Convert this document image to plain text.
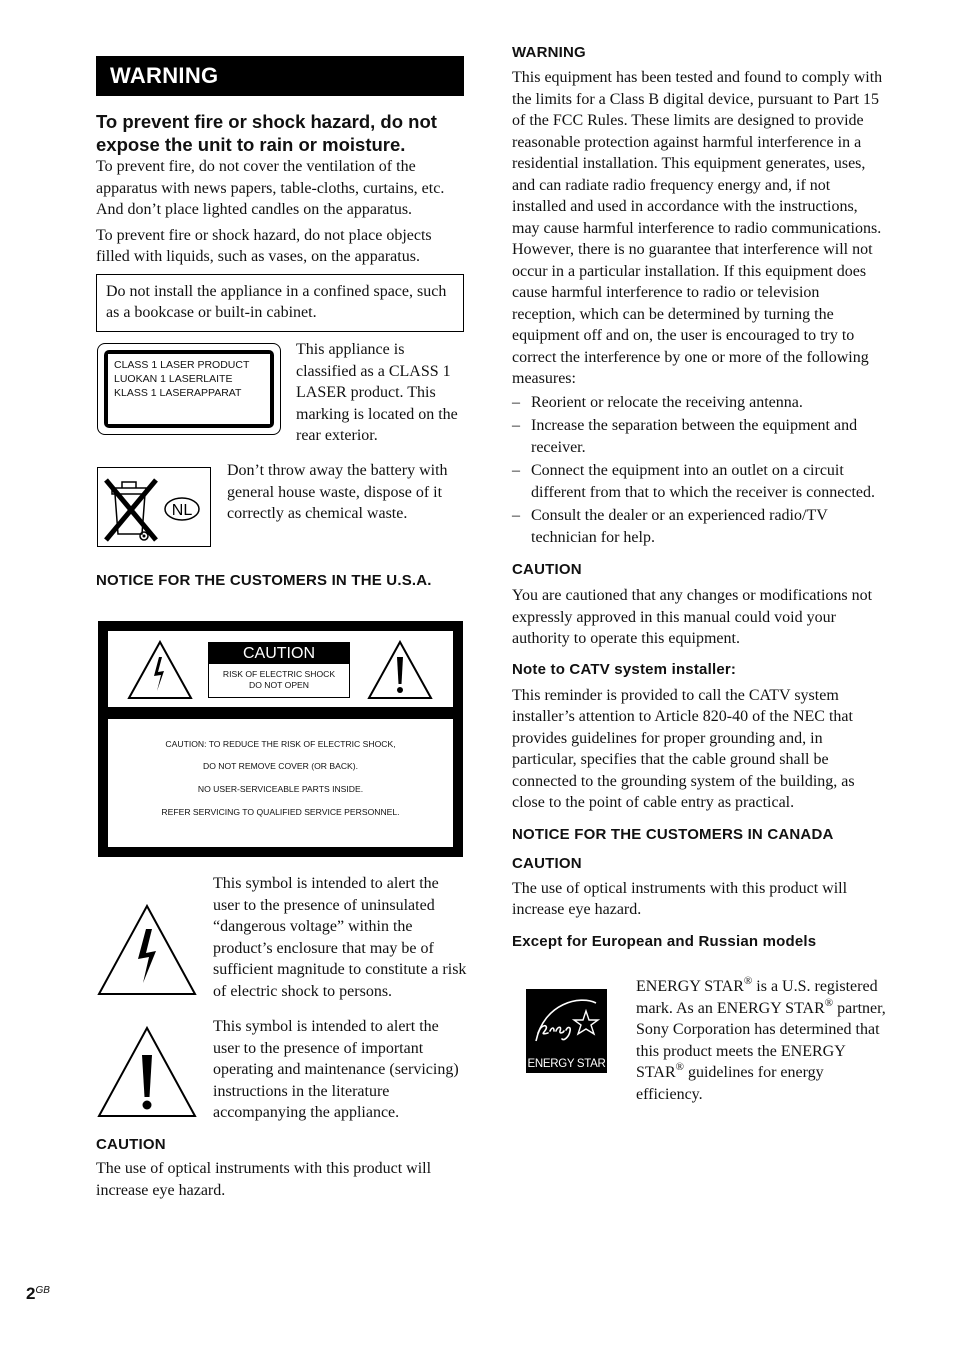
WARNING
To prevent fire or shock hazard, do not expose the unit to rain or moisture.

To prevent fire, do not cover the ventilation of the apparatus with news papers, table-cloths, curtains, etc. And don’t place lighted candles on the apparatus.

To prevent fire or shock hazard, do not place objects filled with liquids, such as vases, on the apparatus.

Do not install the appliance in a confined space, such as a bookcase or built-in cabinet.
CLASS 1 LASER PRODUCT
LUOKAN 1 LASERLAITE
KLASS 1 LASERAPPARAT
This appliance is classified as a CLASS 1 LASER product. This marking is located on the rear exterior.
NL
Don’t throw away the battery with general house waste, dispose of it correctly as chemical waste.
NOTICE FOR THE CUSTOMERS IN THE U.S.A.
CAUTION
RISK OF ELECTRIC SHOCK
DO NOT OPEN
CAUTION: TO REDUCE THE RISK OF ELECTRIC SHOCK,
DO NOT REMOVE COVER (OR BACK).
NO USER-SERVICEABLE PARTS INSIDE.
REFER SERVICING TO QUALIFIED SERVICE PERSONNEL.
This symbol is intended to alert the user to the presence of uninsulated “dangerous voltage” within the product’s enclosure that may be of sufficient magnitude to constitute a risk of electric shock to persons.
This symbol is intended to alert the user to the presence of important operating and maintenance (servicing) instructions in the literature accompanying the appliance.
CAUTION
The use of optical instruments with this product will increase eye hazard.
WARNING

This equipment has been tested and found to comply with the limits for a Class B digital device, pursuant to Part 15 of the FCC Rules. These limits are designed to provide reasonable protection against harmful interference in a residential installation. This equipment generates, uses, and can radiate radio frequency energy and, if not installed and used in accordance with the instructions, may cause harmful interference to radio communications. However, there is no guarantee that interference will not occur in a particular installation. If this equipment does cause harmful interference to radio or television reception, which can be determined by turning the equipment off and on, the user is encouraged to try to correct the interference by one or more of the following measures:

– Reorient or relocate the receiving antenna.
– Increase the separation between the equipment and receiver.
– Connect the equipment into an outlet on a circuit different from that to which the receiver is connected.
– Consult the dealer or an experienced radio/TV technician for help.
CAUTION

You are cautioned that any changes or modifications not expressly approved in this manual could void your authority to operate this equipment.

Note to CATV system installer:

This reminder is provided to call the CATV system installer’s attention to Article 820-40 of the NEC that provides guidelines for proper grounding and, in particular, specifies that the cable ground shall be connected to the grounding system of the building, as close to the point of cable entry as practical.

NOTICE FOR THE CUSTOMERS IN CANADA
CAUTION

The use of optical instruments with this product will increase eye hazard.

Except for European and Russian models
ENERGY STAR
ENERGY STAR® is a U.S. registered mark. As an ENERGY STAR® partner, Sony Corporation has determined that this product meets the ENERGY STAR® guidelines for energy efficiency.
$2^{GB}$
